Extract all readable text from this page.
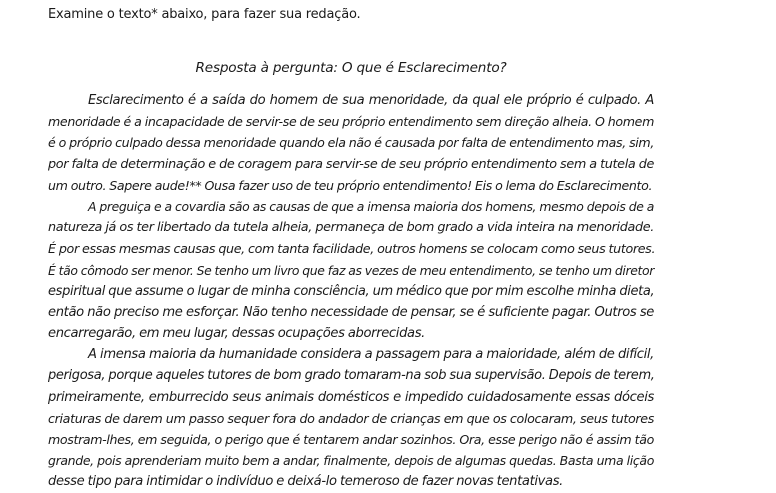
Examine o texto* abaixo, para fazer sua redação.
Resposta à pergunta: O que é Esclarecimento?
Esclarecimento é a saída do homem de sua menoridade, da qual ele próprio é culpado. A
menoridade é a incapacidade de servir-se de seu próprio entendimento sem direção alheia. O homem
é o próprio culpado dessa menoridade quando ela não é causada por falta de entendimento mas, sim,
por falta de determinação e de coragem para servir-se de seu próprio entendimento sem a tutela de
um outro. Sapere aude!** Ousa fazer uso de teu próprio entendimento! Eis o lema do Esclarecimento.
A preguiça e a covardia são as causas de que a imensa maioria dos homens, mesmo depois de a
natureza já os ter libertado da tutela alheia, permaneça de bom grado a vida inteira na menoridade.
É por essas mesmas causas que, com tanta facilidade, outros homens se colocam como seus tutores.
É tão cômodo ser menor. Se tenho um livro que faz as vezes de meu entendimento, se tenho um diretor
espiritual que assume o lugar de minha consciência, um médico que por mim escolhe minha dieta,
então não preciso me esforçar. Não tenho necessidade de pensar, se é suficiente pagar. Outros se
encarregarão, em meu lugar, dessas ocupações aborrecidas.
A imensa maioria da humanidade considera a passagem para a maioridade, além de difícil,
perigosa, porque aqueles tutores de bom grado tomaram-na sob sua supervisão. Depois de terem,
primeiramente, emburrecido seus animais domésticos e impedido cuidadosamente essas dóceis
criaturas de darem um passo sequer fora do andador de crianças em que os colocaram, seus tutores
mostram-lhes, em seguida, o perigo que é tentarem andar sozinhos. Ora, esse perigo não é assim tão
grande, pois aprenderiam muito bem a andar, finalmente, depois de algumas quedas. Basta uma lição
desse tipo para intimidar o indivíduo e deixá-lo temeroso de fazer novas tentativas.
